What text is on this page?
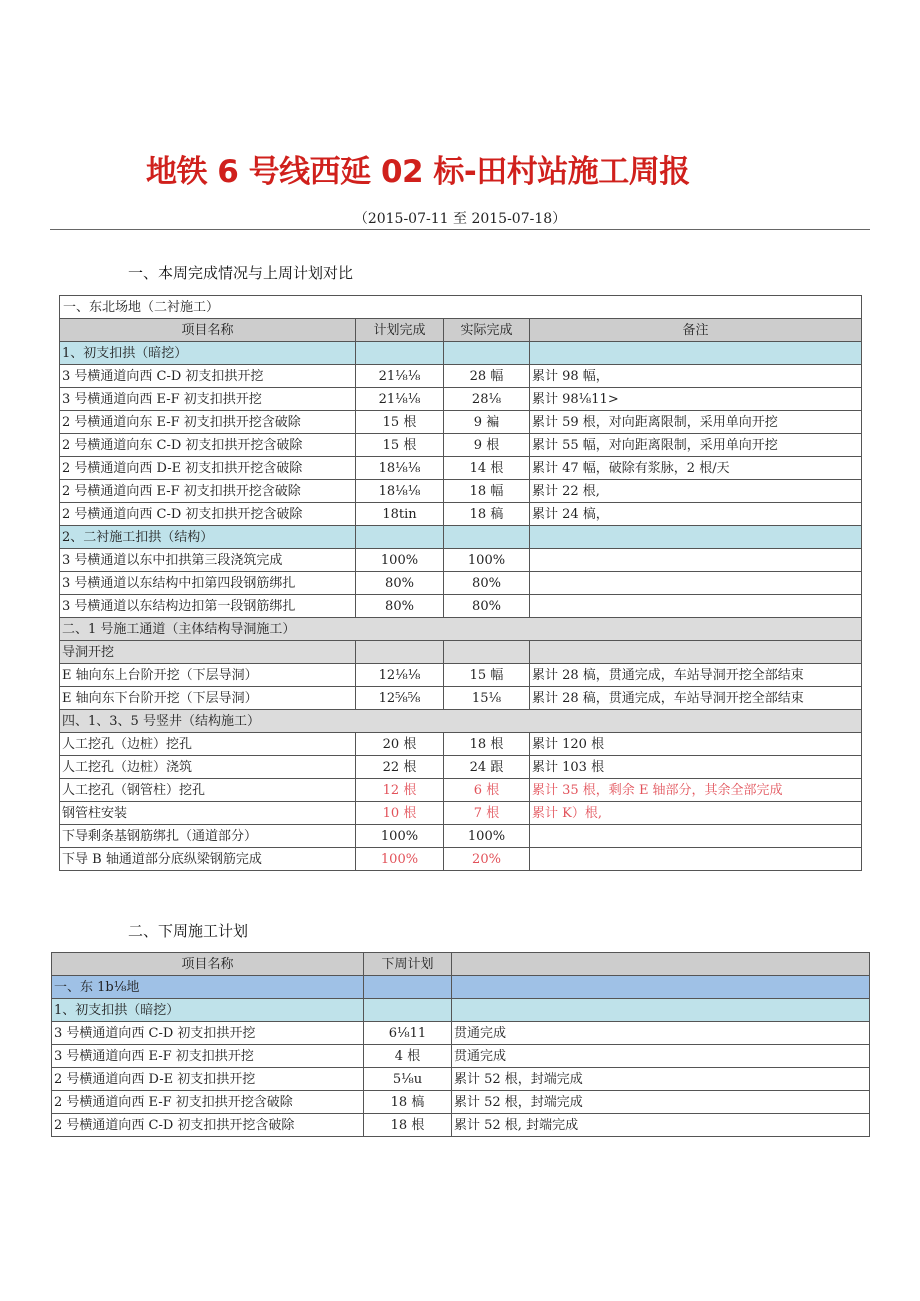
地铁 6 号线西延 02 标-田村站施工周报
（2015-07-11 至 2015-07-18）
一、本周完成情况与上周计划对比
一、东北场地（二衬施工）			
项目名称	计划完成	实际完成	备注
1、初支扣拱（暗挖）			
3 号横通道向西 C-D 初支扣拱开挖	21⅛⅛	28 幅	累计 98 幅，
3 号横通道向西 E-F 初支扣拱开挖	21⅛⅛	28⅛	累计 98⅛11>
2 号横通道向东 E-F 初支扣拱开挖含破除	15 根	9 褊	累计 59 根，对向距离限制，采用单向开挖
2 号横通道向东 C-D 初支扣拱开挖含破除	15 根	9 根	累计 55 幅，对向距离限制，采用单向开挖
2 号横通道向西 D-E 初支扣拱开挖含破除	18⅛⅛	14 根	累计 47 幅，破除有浆脉，2 根/天
2 号横通道向西 E-F 初支扣拱开挖含破除	18⅛⅛	18 幅	累计 22 根,
2 号横通道向西 C-D 初支扣拱开挖含破除	18tin	18 稿	累计 24 槁，
2、二衬施工扣拱（结构）			
3 号横通道以东中扣拱第三段浇筑完成	100%	100%	
3 号横通道以东结构中扣第四段钢筋绑扎	80%	80%	
3 号横通道以东结构边扣第一段钢筋绑扎	80%	80%	
二、1 号施工通道（主体结构导洞施工）			
导洞开挖			
E 轴向东上台阶开挖（下层导洞）	12⅛⅛	15 幅	累计 28 槁，贯通完成，车站导洞开挖全部结束
E 轴向东下台阶开挖（下层导洞）	12⅝⅝	15⅛	累计 28 稿，贯通完成，车站导洞开挖全部结束
四、1、3、5 号竖井（结构施工）			
人工挖孔（边桩）挖孔	20 根	18 根	累计 120 根
人工挖孔（边桩）浇筑	22 根	24 跟	累计 103 根
人工挖孔（钢管柱）挖孔	12 根	6 根	累计 35 根，剩余 E 轴部分，其余全部完成
钢管柱安装	10 根	7 根	累计 K）根,
下导剩条基钢筋绑扎（通道部分）	100%	100%	
下导 B 轴通道部分底纵梁钢筋完成	100%	20%	
二、下周施工计划
项目名称	下周计划	
一、东 1b⅛地		
1、初支扣拱（暗挖）		
3 号横通道向西 C-D 初支扣拱开挖	6⅛11	贯通完成
3 号横通道向西 E-F 初支扣拱开挖	4 根	贯通完成
2 号横通道向西 D-E 初支扣拱开挖	5⅛u	累计 52 根，封端完成
2 号横通道向西 E-F 初支扣拱开挖含破除	18 槁	累计 52 根，封端完成
2 号横通道向西 C-D 初支扣拱开挖含破除	18 根	累计 52 根, 封端完成
